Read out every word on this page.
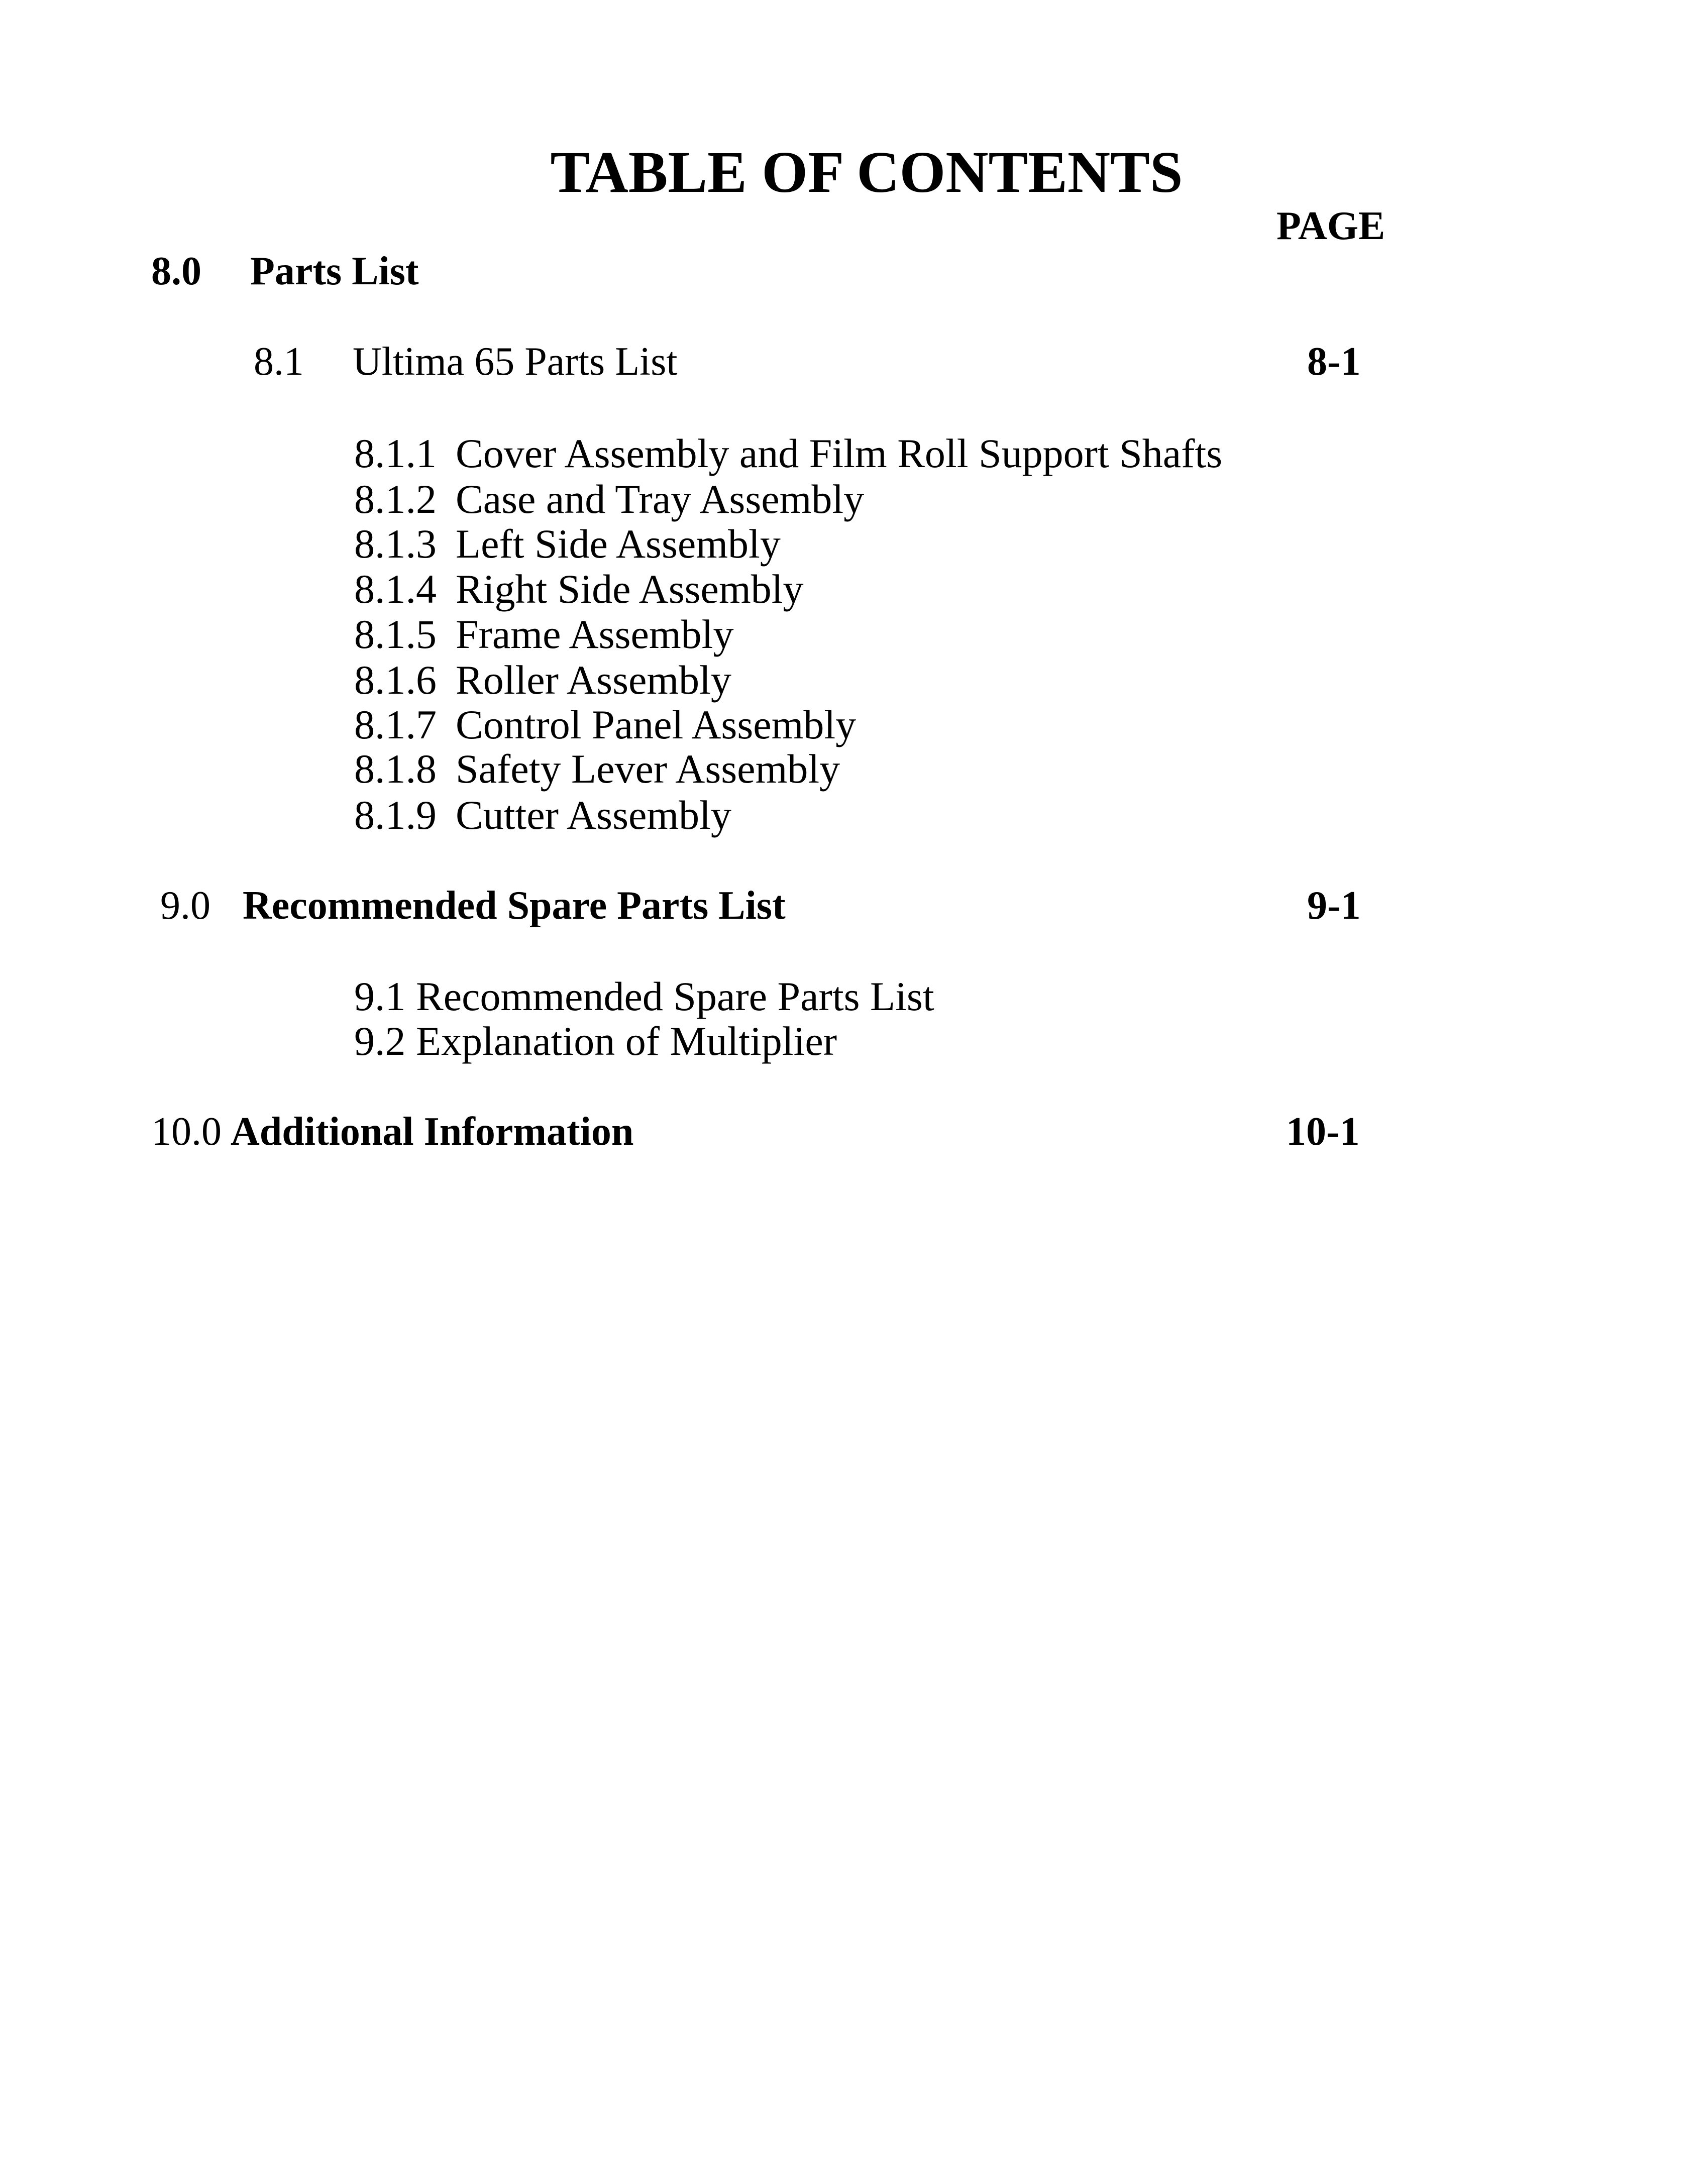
TABLE OF CONTENTS
PAGE
8.0 Parts List
8.1 Ultima 65 Parts List	8-1
8.1.1 Cover Assembly and Film Roll Support Shafts
8.1.2 Case and Tray Assembly
8.1.3 Left Side Assembly
8.1.4 Right Side Assembly
8.1.5 Frame Assembly
8.1.6 Roller Assembly
8.1.7 Control Panel Assembly
8.1.8 Safety Lever Assembly
8.1.9 Cutter Assembly
9.0 Recommended Spare Parts List	9-1
9.1 Recommended Spare Parts List
9.2 Explanation of Multiplier
10.0 Additional Information	10-1
